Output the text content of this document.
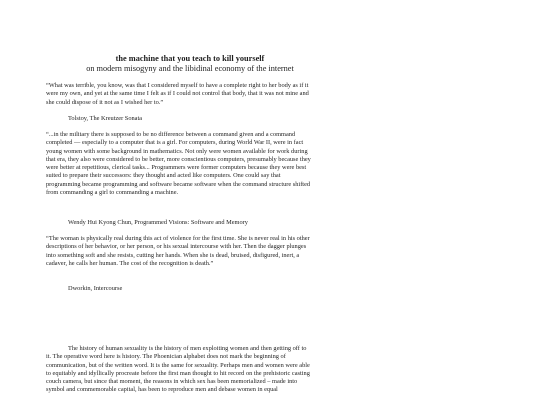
the machine that you teach to kill yourself

on modern misogyny and the libidinal economy of the internet

“What was terrible, you know, was that I considered myself to have a complete right to her body as if it were my own, and yet at the same time I felt as if I could not control that body, that it was not mine and she could dispose of it not as I wished her to.”

Tolstoy, The Kreutzer Sonata

“...in the military there is supposed to be no difference between a command given and a command completed — especially to a computer that is a girl. For computers, during World War II, were in fact young women with some background in mathematics. Not only were women available for work during that era, they also were considered to be better, more conscientious computers, presumably because they were better at repetitious, clerical tasks... Programmers were former computers because they were best suited to prepare their successors: they thought and acted like computers. One could say that programming became programming and software became software when the command structure shifted from commanding a girl to commanding a machine.

Wendy Hui Kyong Chun, Programmed Visions: Software and Memory

“The woman is physically real during this act of violence for the first time. She is never real in his other descriptions of her behavior, or her person, or his sexual intercourse with her. Then the dagger plunges into something soft and she resists, cutting her hands. When she is dead, bruised, disfigured, inert, a cadaver, he calls her human. The cost of the recognition is death.”

Dworkin, Intercourse

The history of human sexuality is the history of men exploiting women and then getting off to it. The operative word here is history. The Phoenician alphabet does not mark the beginning of communication, but of the written word. It is the same for sexuality. Perhaps men and women were able to equitably and idyllically procreate before the first man thought to hit record on the prehistoric casting couch camera, but since that moment, the reasons in which sex has been memorialized – made into symbol and commemorable capital, has been to reproduce men and debase women in equal
